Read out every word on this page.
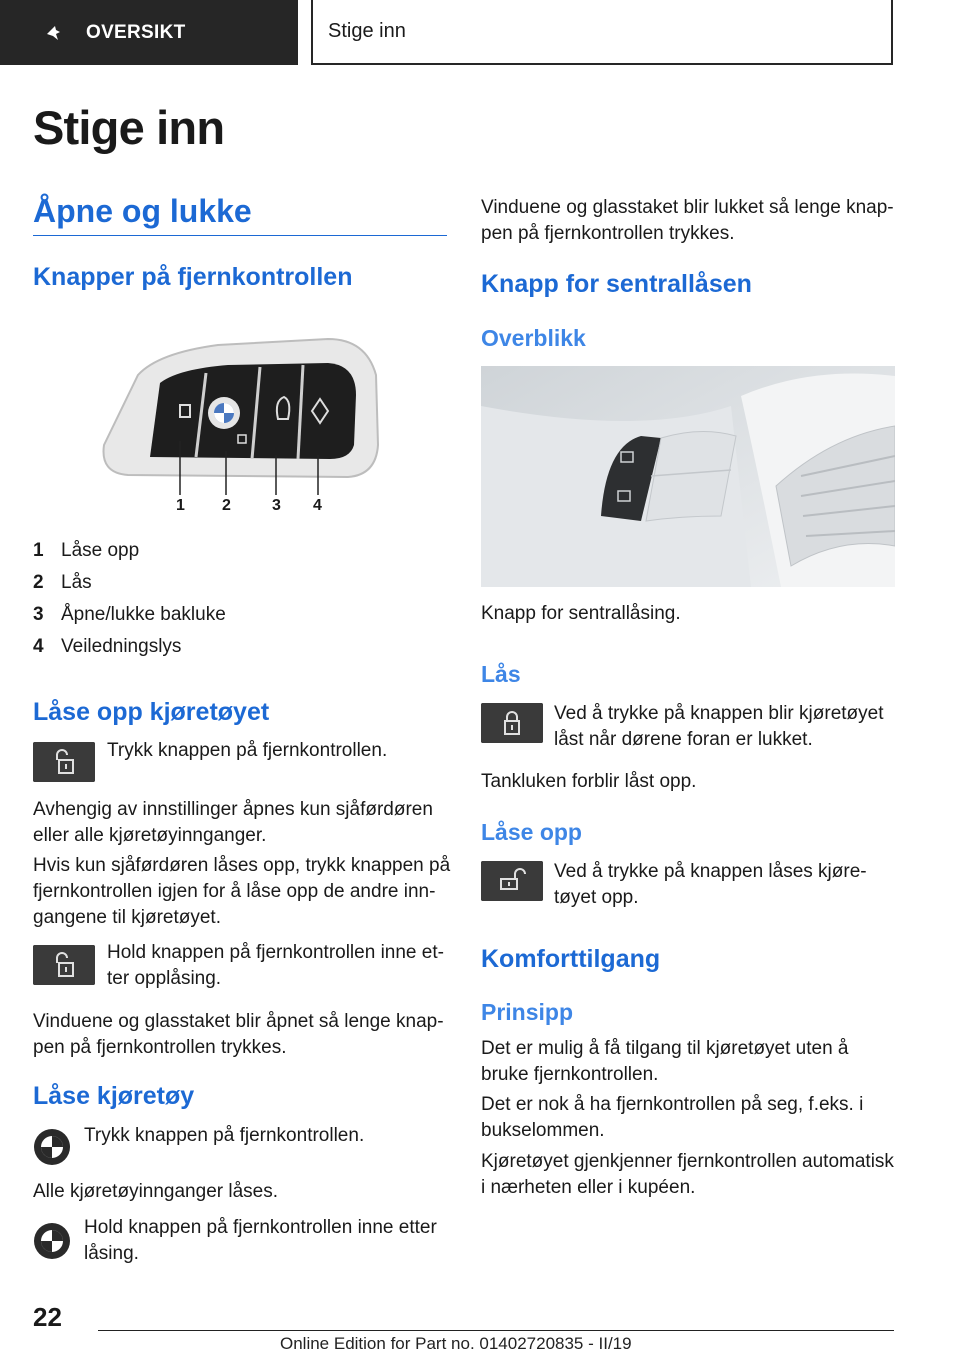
OVERSIKT	Stige inn
Stige inn
Åpne og lukke
Knapper på fjernkontrollen
1 2	3 4
1 Låse opp
2 Lås
3 Åpne/lukke bakluke
4 Veiledningslys
Låse opp kjøretøyet

Trykk knappen på fjernkontrollen.

Avhengig av innstillinger åpnes kun sjåførdøren

eller alle kjøretøyinnganger.

Hvis kun sjåførdøren låses opp, trykk knappen på

fjernkontrollen igjen for å låse opp de andre inn-

gangene til kjøretøyet.

Hold knappen på fjernkontrollen inne et-

ter opplåsing.

Vinduene og glasstaket blir åpnet så lenge knap-

pen på fjernkontrollen trykkes.

Låse kjøretøy

Trykk knappen på fjernkontrollen.

Alle kjøretøyinnganger låses.

Hold knappen på fjernkontrollen inne etter

låsing.

Vinduene og glasstaket blir lukket så lenge knap-

pen på fjernkontrollen trykkes.

Knapp for sentrallåsen
Overblikk

Knapp for sentrallåsing.

Lås

Ved å trykke på knappen blir kjøretøyet

låst når dørene foran er lukket.

Tankluken forblir låst opp.

Låse opp

Ved å trykke på knappen låses kjøre-

tøyet opp.

Komforttilgang
Prinsipp

Det er mulig å få tilgang til kjøretøyet uten å

bruke fjernkontrollen.

Det er nok å ha fjernkontrollen på seg, f.eks. i

bukselommen.

Kjøretøyet gjenkjenner fjernkontrollen automatisk

i nærheten eller i kupéen.

22
Online Edition for Part no. 01402720835 - II/19
